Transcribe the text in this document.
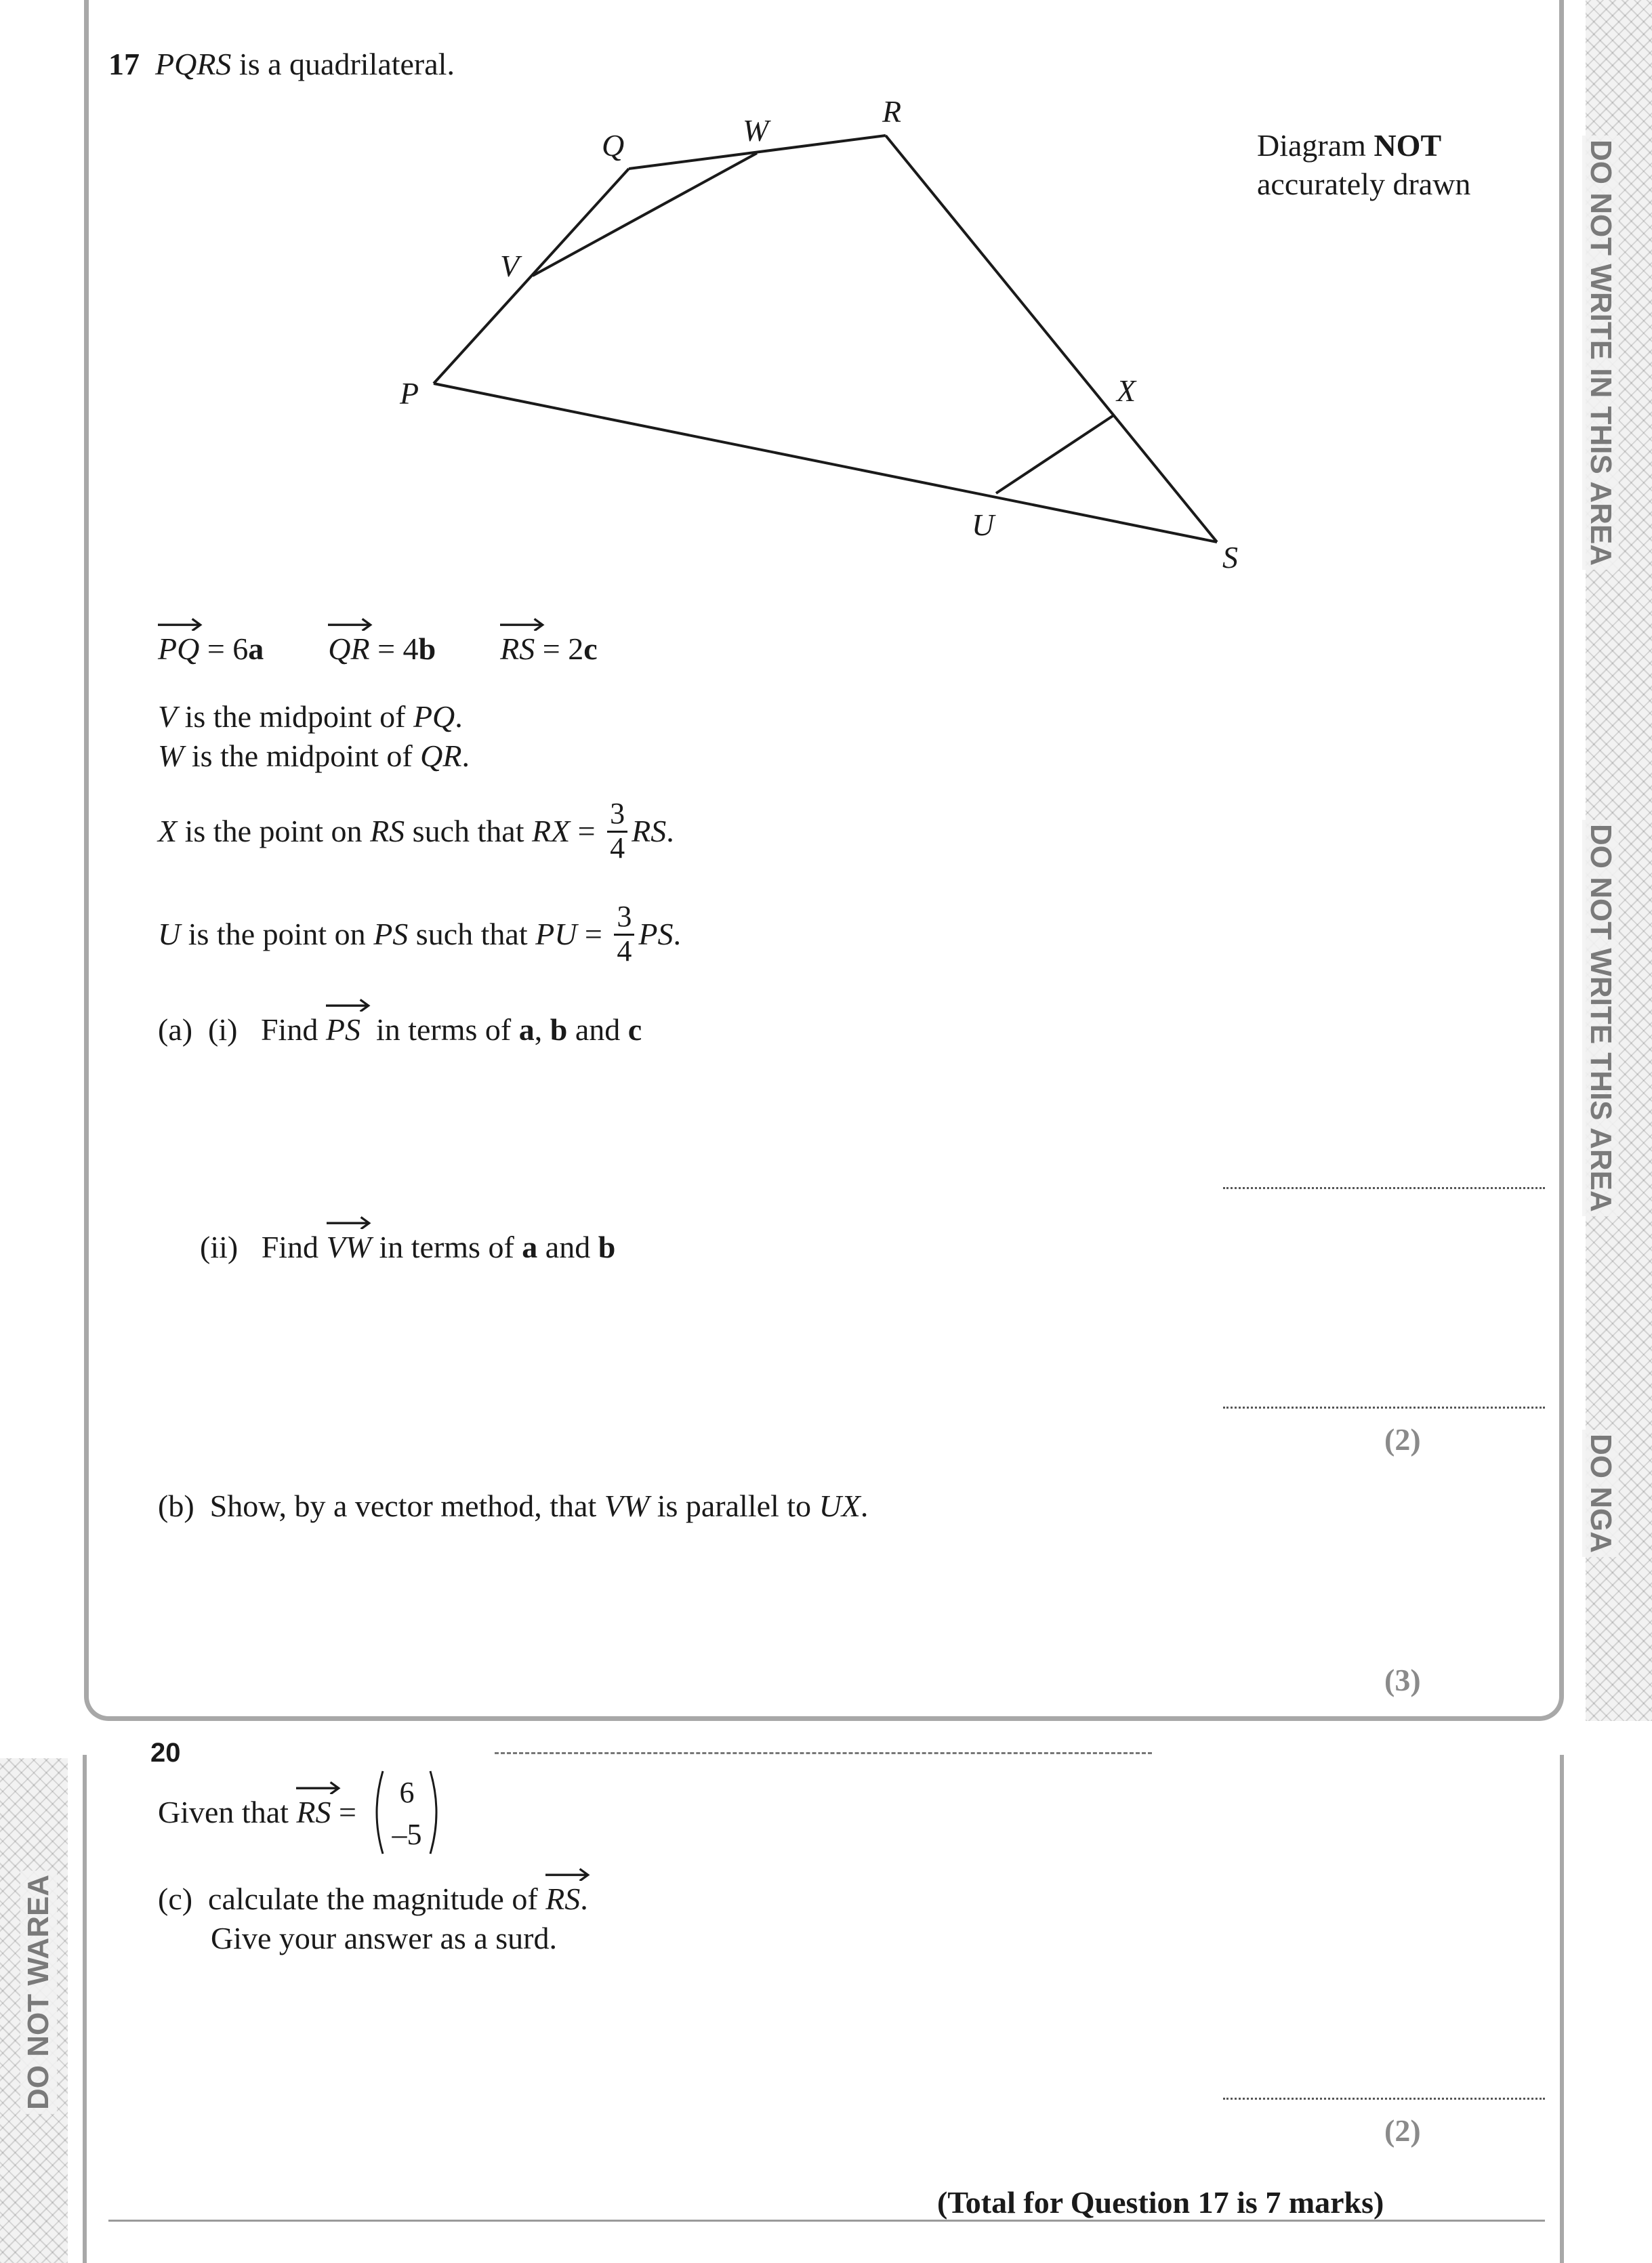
DO NOT WRITE IN THIS AREA
DO NOT WRITE THIS AREA
DO NGA
DO NOT WAREA
17 PQRS is a quadrilateral.
Diagram NOT
accurately drawn
Q	W
R
V
P	X
U
S
PQ = 6a QR = 4b RS = 2c
V is the midpoint of PQ.
W is the midpoint of QR.
X is the point on RS such that RX = $\frac{3}{4}$ RS .
U is the point on PS such that PU = $\frac{3}{4}$ PS .
(a)  (i)   Find
PS  in terms of a, b and c
(ii)   Find
VW in terms of a and b
(2)
(b)  Show, by a vector method, that VW is parallel to UX.
(3)
20
Given that RS =
6
–5
(c)  calculate the magnitude of
RS.
Give your answer as a surd.
(2)
(Total for Question 17 is 7 marks)
